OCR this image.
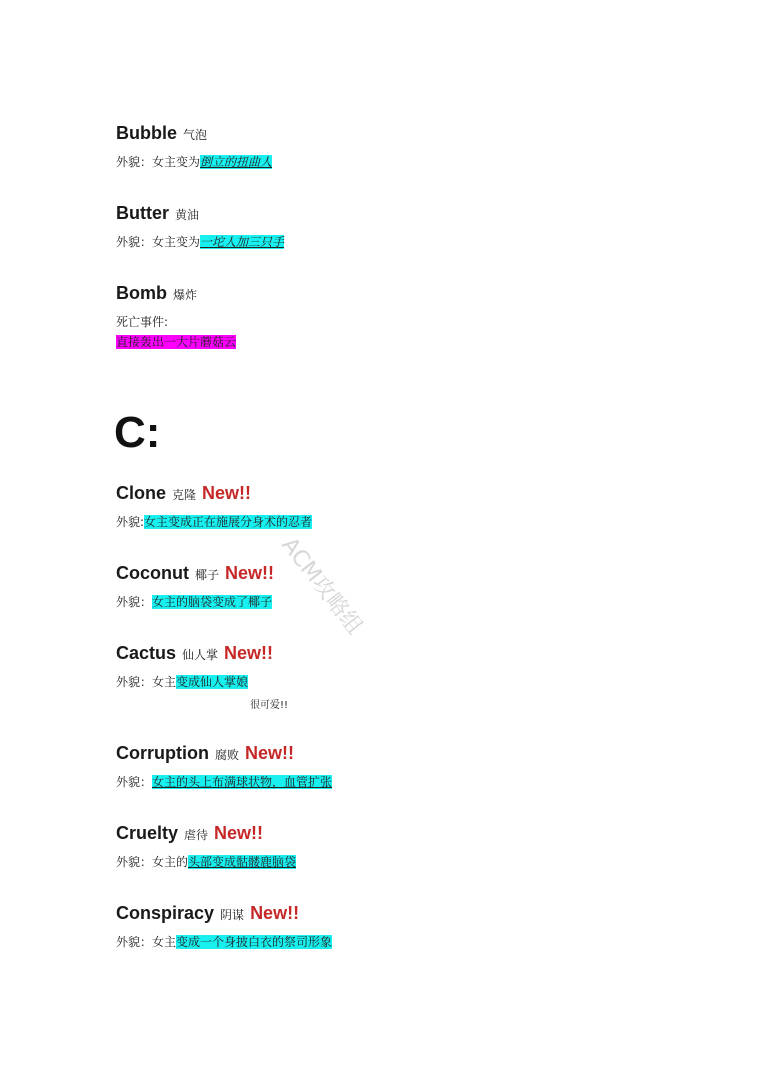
Bubble 气泡
外貌：女主变为倒立的扭曲人
Butter 黄油
外貌：女主变为一坨人加三只手
Bomb 爆炸
死亡事件:
直接轰出一大片蘑菇云
C:
ACM攻略组
Clone 克隆 New!!
外貌:女主变成正在施展分身术的忍者
Coconut 椰子 New!!
外貌：女主的脑袋变成了椰子
Cactus 仙人掌 New!!
外貌：女主变成仙人掌娘
很可爱!!
Corruption 腐败 New!!
外貌：女主的头上布满球状物，血管扩张
Cruelty 虐待 New!!
外貌：女主的头部变成骷髅鹿脑袋
Conspiracy 阴谋 New!!
外貌：女主变成一个身披白衣的祭司形象
